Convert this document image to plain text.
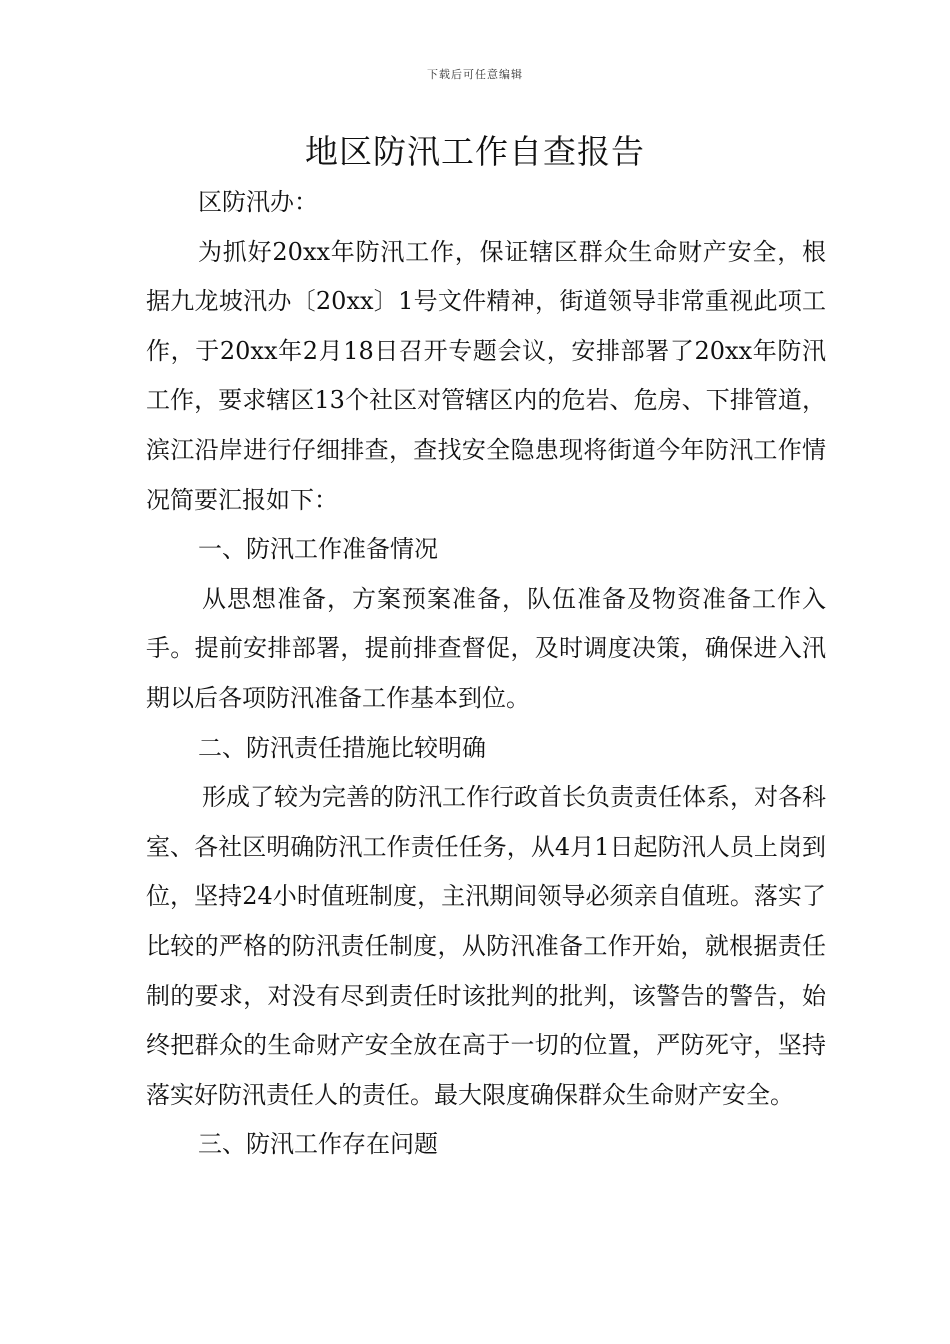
下载后可任意编辑
地区防汛工作自查报告

区防汛办：

为抓好20xx年防汛工作，保证辖区群众生命财产安全，根据九龙坡汛办〔20xx〕1号文件精神，街道领导非常重视此项工作，于20xx年2月18日召开专题会议，安排部署了20xx年防汛工作，要求辖区13个社区对管辖区内的危岩、危房、下排管道，滨江沿岸进行仔细排查，查找安全隐患现将街道今年防汛工作情况简要汇报如下：

一、防汛工作准备情况

从思想准备，方案预案准备，队伍准备及物资准备工作入手。提前安排部署，提前排查督促，及时调度决策，确保进入汛期以后各项防汛准备工作基本到位。

二、防汛责任措施比较明确

形成了较为完善的防汛工作行政首长负责责任体系，对各科室、各社区明确防汛工作责任任务，从4月1日起防汛人员上岗到位，坚持24小时值班制度，主汛期间领导必须亲自值班。落实了比较的严格的防汛责任制度，从防汛准备工作开始，就根据责任制的要求，对没有尽到责任时该批判的批判，该警告的警告，始终把群众的生命财产安全放在高于一切的位置，严防死守，坚持落实好防汛责任人的责任。最大限度确保群众生命财产安全。

三、防汛工作存在问题
